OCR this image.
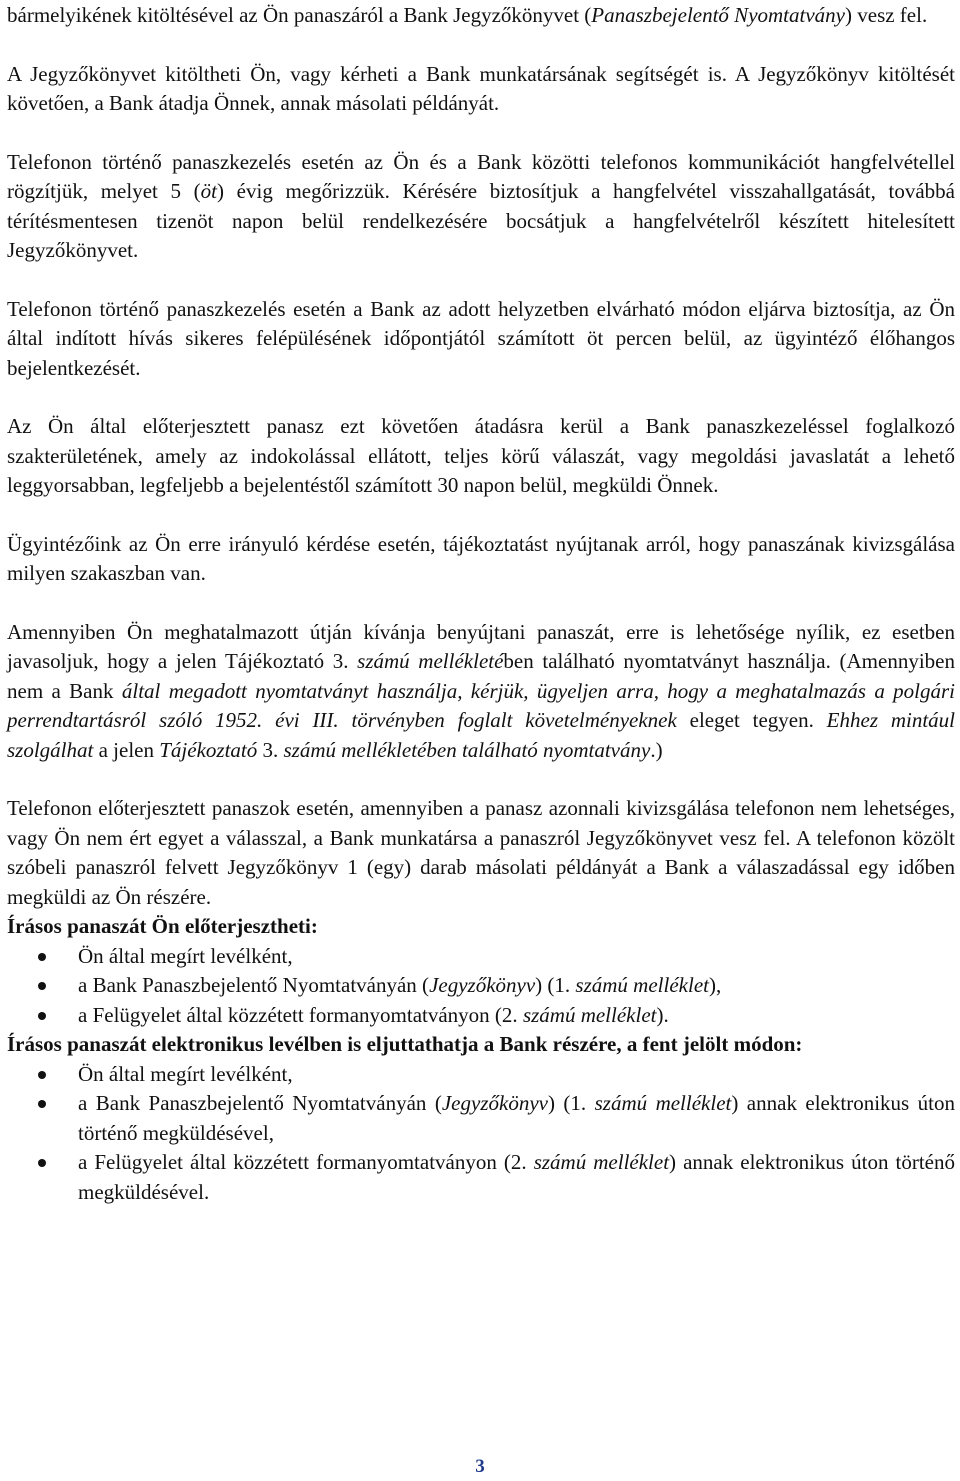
bármelyikének kitöltésével az Ön panaszáról a Bank Jegyzőkönyvet (Panaszbejelentő Nyomtatvány) vesz fel.

A Jegyzőkönyvet kitöltheti Ön, vagy kérheti a Bank munkatársának segítségét is. A Jegyzőkönyv kitöltését követően, a Bank átadja Önnek, annak másolati példányát.

Telefonon történő panaszkezelés esetén az Ön és a Bank közötti telefonos kommunikációt hangfelvétellel rögzítjük, melyet 5 (öt) évig megőrizzük. Kérésére biztosítjuk a hangfelvétel visszahallgatását, továbbá térítésmentesen tizenöt napon belül rendelkezésére bocsátjuk a hangfelvételről készített hitelesített Jegyzőkönyvet.

Telefonon történő panaszkezelés esetén a Bank az adott helyzetben elvárható módon eljárva biztosítja, az Ön által indított hívás sikeres felépülésének időpontjától számított öt percen belül, az ügyintéző élőhangos bejelentkezését.

Az Ön által előterjesztett panasz ezt követően átadásra kerül a Bank panaszkezeléssel foglalkozó szakterületének, amely az indokolással ellátott, teljes körű válaszát, vagy megoldási javaslatát a lehető leggyorsabban, legfeljebb a bejelentéstől számított 30 napon belül, megküldi Önnek.

Ügyintézőink az Ön erre irányuló kérdése esetén, tájékoztatást nyújtanak arról, hogy panaszának kivizsgálása milyen szakaszban van.

Amennyiben Ön meghatalmazott útján kívánja benyújtani panaszát, erre is lehetősége nyílik, ez esetben javasoljuk, hogy a jelen Tájékoztató 3. számú mellékletében található nyomtatványt használja. (Amennyiben nem a Bank által megadott nyomtatványt használja, kérjük, ügyeljen arra, hogy a meghatalmazás a polgári perrendtartásról szóló 1952. évi III. törvényben foglalt követelményeknek eleget tegyen. Ehhez mintául szolgálhat a jelen Tájékoztató 3. számú mellékletében található nyomtatvány.)

Telefonon előterjesztett panaszok esetén, amennyiben a panasz azonnali kivizsgálása telefonon nem lehetséges, vagy Ön nem ért egyet a válasszal, a Bank munkatársa a panaszról Jegyzőkönyvet vesz fel. A telefonon közölt szóbeli panaszról felvett Jegyzőkönyv 1 (egy) darab másolati példányát a Bank a válaszadással egy időben megküldi az Ön részére.

Írásos panaszát Ön előterjesztheti:

Ön által megírt levélként,
a Bank Panaszbejelentő Nyomtatványán (Jegyzőkönyv) (1. számú melléklet),
a Felügyelet által közzétett formanyomtatványon (2. számú melléklet).

Írásos panaszát elektronikus levélben is eljuttathatja a Bank részére, a fent jelölt módon:

Ön által megírt levélként,
a Bank Panaszbejelentő Nyomtatványán (Jegyzőkönyv) (1. számú melléklet) annak elektronikus úton történő megküldésével,
a Felügyelet által közzétett formanyomtatványon (2. számú melléklet) annak elektronikus úton történő megküldésével.
3
